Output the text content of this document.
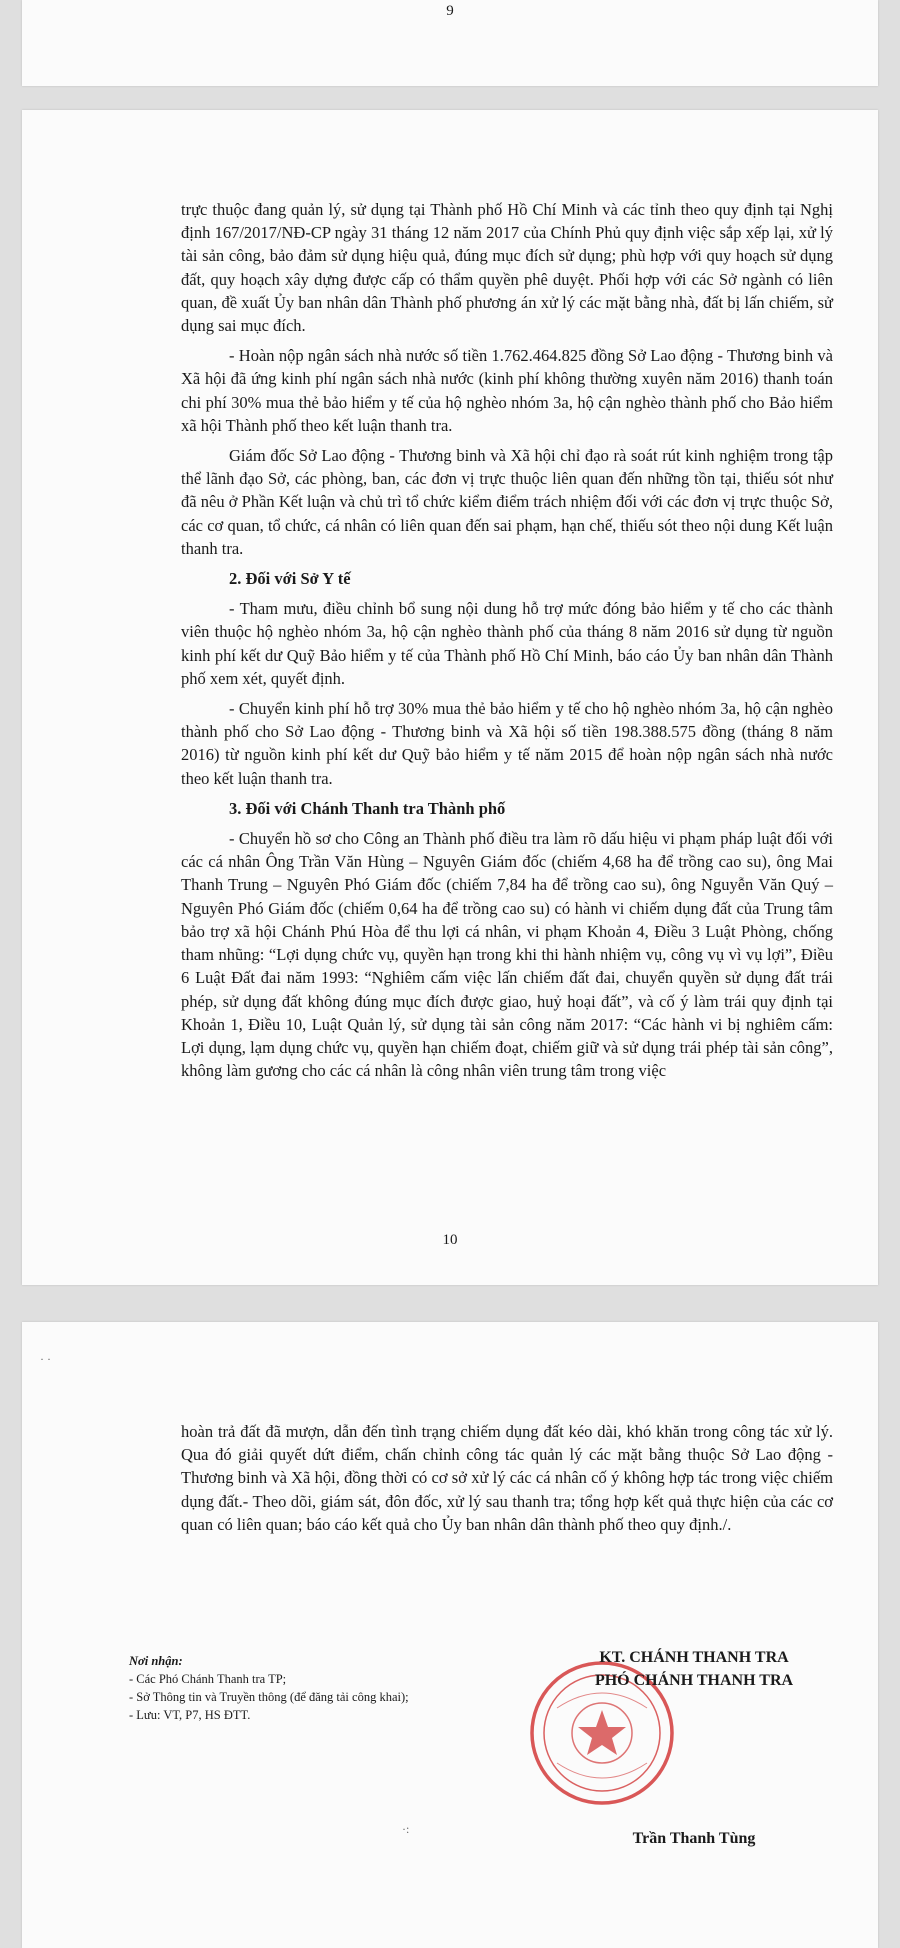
9

trực thuộc đang quản lý, sử dụng tại Thành phố Hồ Chí Minh và các tỉnh theo quy định tại Nghị định 167/2017/NĐ-CP ngày 31 tháng 12 năm 2017 của Chính Phủ quy định việc sắp xếp lại, xử lý tài sản công, bảo đảm sử dụng hiệu quả, đúng mục đích sử dụng; phù hợp với quy hoạch sử dụng đất, quy hoạch xây dựng được cấp có thẩm quyền phê duyệt. Phối hợp với các Sở ngành có liên quan, đề xuất Ủy ban nhân dân Thành phố phương án xử lý các mặt bằng nhà, đất bị lấn chiếm, sử dụng sai mục đích.

- Hoàn nộp ngân sách nhà nước số tiền 1.762.464.825 đồng Sở Lao động - Thương binh và Xã hội đã ứng kinh phí ngân sách nhà nước (kinh phí không thường xuyên năm 2016) thanh toán chi phí 30% mua thẻ bảo hiểm y tế của hộ nghèo nhóm 3a, hộ cận nghèo thành phố cho Bảo hiểm xã hội Thành phố theo kết luận thanh tra.

Giám đốc Sở Lao động - Thương binh và Xã hội chỉ đạo rà soát rút kinh nghiệm trong tập thể lãnh đạo Sở, các phòng, ban, các đơn vị trực thuộc liên quan đến những tồn tại, thiếu sót như đã nêu ở Phần Kết luận và chủ trì tổ chức kiểm điểm trách nhiệm đối với các đơn vị trực thuộc Sở, các cơ quan, tổ chức, cá nhân có liên quan đến sai phạm, hạn chế, thiếu sót theo nội dung Kết luận thanh tra.

2. Đối với Sở Y tế

- Tham mưu, điều chỉnh bổ sung nội dung hỗ trợ mức đóng bảo hiểm y tế cho các thành viên thuộc hộ nghèo nhóm 3a, hộ cận nghèo thành phố của tháng 8 năm 2016 sử dụng từ nguồn kinh phí kết dư Quỹ Bảo hiểm y tế của Thành phố Hồ Chí Minh, báo cáo Ủy ban nhân dân Thành phố xem xét, quyết định.

- Chuyển kinh phí hỗ trợ 30% mua thẻ bảo hiểm y tế cho hộ nghèo nhóm 3a, hộ cận nghèo thành phố cho Sở Lao động - Thương binh và Xã hội số tiền 198.388.575 đồng (tháng 8 năm 2016) từ nguồn kinh phí kết dư Quỹ bảo hiểm y tế năm 2015 để hoàn nộp ngân sách nhà nước theo kết luận thanh tra.

3. Đối với Chánh Thanh tra Thành phố

- Chuyển hồ sơ cho Công an Thành phố điều tra làm rõ dấu hiệu vi phạm pháp luật đối với các cá nhân Ông Trần Văn Hùng – Nguyên Giám đốc (chiếm 4,68 ha để trồng cao su), ông Mai Thanh Trung – Nguyên Phó Giám đốc (chiếm 7,84 ha để trồng cao su), ông Nguyễn Văn Quý – Nguyên Phó Giám đốc (chiếm 0,64 ha để trồng cao su) có hành vi chiếm dụng đất của Trung tâm bảo trợ xã hội Chánh Phú Hòa để thu lợi cá nhân, vi phạm Khoản 4, Điều 3 Luật Phòng, chống tham nhũng: “Lợi dụng chức vụ, quyền hạn trong khi thi hành nhiệm vụ, công vụ vì vụ lợi”, Điều 6 Luật Đất đai năm 1993: “Nghiêm cấm việc lấn chiếm đất đai, chuyển quyền sử dụng đất trái phép, sử dụng đất không đúng mục đích được giao, huỷ hoại đất”, và cố ý làm trái quy định tại Khoản 1, Điều 10, Luật Quản lý, sử dụng tài sản công năm 2017: “Các hành vi bị nghiêm cấm: Lợi dụng, lạm dụng chức vụ, quyền hạn chiếm đoạt, chiếm giữ và sử dụng trái phép tài sản công”, không làm gương cho các cá nhân là công nhân viên trung tâm trong việc

10
· ·

hoàn trả đất đã mượn, dẫn đến tình trạng chiếm dụng đất kéo dài, khó khăn trong công tác xử lý. Qua đó giải quyết dứt điểm, chấn chỉnh công tác quản lý các mặt bằng thuộc Sở Lao động - Thương binh và Xã hội, đồng thời có cơ sở xử lý các cá nhân cố ý không hợp tác trong việc chiếm dụng đất.- Theo dõi, giám sát, đôn đốc, xử lý sau thanh tra; tổng hợp kết quả thực hiện của các cơ quan có liên quan; báo cáo kết quả cho Ủy ban nhân dân thành phố theo quy định./.

Nơi nhận:
- Các Phó Chánh Thanh tra TP;
- Sở Thông tin và Truyền thông (để đăng tải công khai);
- Lưu: VT, P7, HS ĐTT.
KT. CHÁNH THANH TRA
PHÓ CHÁNH THANH TRA
·:
Trần Thanh Tùng
